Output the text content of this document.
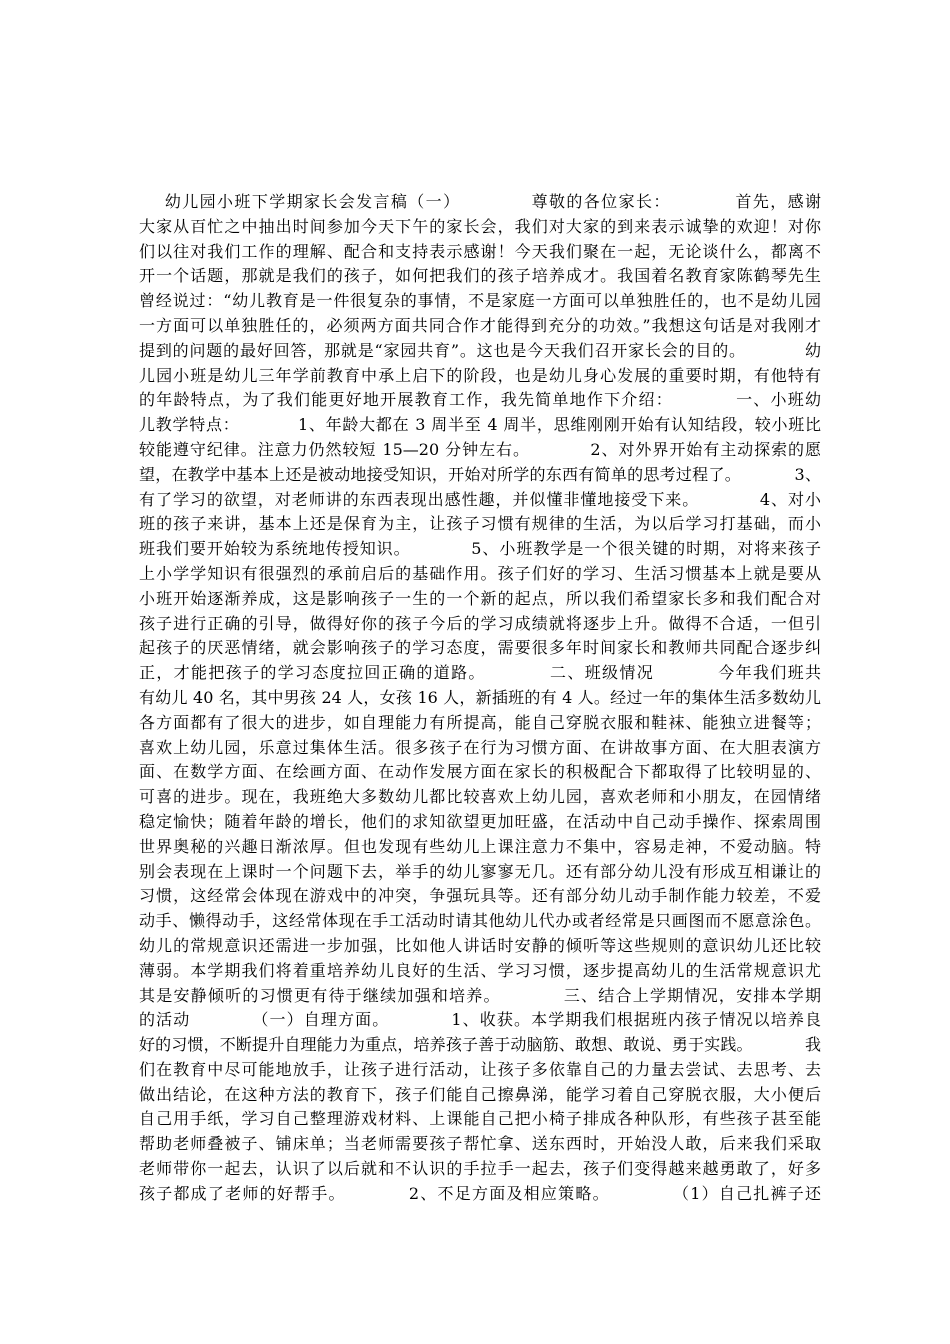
幼儿园小班下学期家长会发言稿（一）           尊敬的各位家长：          首先，感谢
大家从百忙之中抽出时间参加今天下午的家长会，我们对大家的到来表示诚挚的欢迎！对你
们以往对我们工作的理解、配合和支持表示感谢！今天我们聚在一起，无论谈什么，都离不
开一个话题，那就是我们的孩子，如何把我们的孩子培养成才。我国着名教育家陈鹤琴先生
曾经说过：“幼儿教育是一件很复杂的事情，不是家庭一方面可以单独胜任的，也不是幼儿园
一方面可以单独胜任的，必须两方面共同合作才能得到充分的功效。”我想这句话是对我刚才
提到的问题的最好回答，那就是“家园共育”。这也是今天我们召开家长会的目的。          幼
儿园小班是幼儿三年学前教育中承上启下的阶段，也是幼儿身心发展的重要时期，有他特有
的年龄特点，为了我们能更好地开展教育工作，我先简单地作下介绍：          一、小班幼
儿教学特点：          1、年龄大都在 3 周半至 4 周半，思维刚刚开始有认知结段，较小班比
较能遵守纪律。注意力仍然较短 15—20 分钟左右。          2、对外界开始有主动探索的愿
望，在教学中基本上还是被动地接受知识，开始对所学的东西有简单的思考过程了。          3、
有了学习的欲望，对老师讲的东西表现出感性趣，并似懂非懂地接受下来。          4、对小
班的孩子来讲，基本上还是保育为主，让孩子习惯有规律的生活，为以后学习打基础，而小
班我们要开始较为系统地传授知识。          5、小班教学是一个很关键的时期，对将来孩子
上小学学知识有很强烈的承前启后的基础作用。孩子们好的学习、生活习惯基本上就是要从
小班开始逐渐养成，这是影响孩子一生的一个新的起点，所以我们希望家长多和我们配合对
孩子进行正确的引导，做得好你的孩子今后的学习成绩就将逐步上升。做得不合适，一但引
起孩子的厌恶情绪，就会影响孩子的学习态度，需要很多年时间家长和教师共同配合逐步纠
正，才能把孩子的学习态度拉回正确的道路。          二、班级情况          今年我们班共
有幼儿 40 名，其中男孩 24 人，女孩 16 人，新插班的有 4 人。经过一年的集体生活多数幼儿
各方面都有了很大的进步，如自理能力有所提高，能自己穿脱衣服和鞋袜、能独立进餐等；
喜欢上幼儿园，乐意过集体生活。很多孩子在行为习惯方面、在讲故事方面、在大胆表演方
面、在数学方面、在绘画方面、在动作发展方面在家长的积极配合下都取得了比较明显的、
可喜的进步。现在，我班绝大多数幼儿都比较喜欢上幼儿园，喜欢老师和小朋友，在园情绪
稳定愉快；随着年龄的增长，他们的求知欲望更加旺盛，在活动中自己动手操作、探索周围
世界奥秘的兴趣日渐浓厚。但也发现有些幼儿上课注意力不集中，容易走神，不爱动脑。特
别会表现在上课时一个问题下去，举手的幼儿寥寥无几。还有部分幼儿没有形成互相谦让的
习惯，这经常会体现在游戏中的冲突，争强玩具等。还有部分幼儿动手制作能力较差，不爱
动手、懒得动手，这经常体现在手工活动时请其他幼儿代办或者经常是只画图而不愿意涂色。
幼儿的常规意识还需进一步加强，比如他人讲话时安静的倾听等这些规则的意识幼儿还比较
薄弱。本学期我们将着重培养幼儿良好的生活、学习习惯，逐步提高幼儿的生活常规意识尤
其是安静倾听的习惯更有待于继续加强和培养。          三、结合上学期情况，安排本学期
的活动          （一）自理方面。          1、收获。本学期我们根据班内孩子情况以培养良
好的习惯，不断提升自理能力为重点，培养孩子善于动脑筋、敢想、敢说、勇于实践。          我
们在教育中尽可能地放手，让孩子进行活动，让孩子多依靠自己的力量去尝试、去思考、去
做出结论，在这种方法的教育下，孩子们能自己擦鼻涕，能学习着自己穿脱衣服，大小便后
自己用手纸，学习自己整理游戏材料、上课能自己把小椅子排成各种队形，有些孩子甚至能
帮助老师叠被子、铺床单；当老师需要孩子帮忙拿、送东西时，开始没人敢，后来我们采取
老师带你一起去，认识了以后就和不认识的手拉手一起去，孩子们变得越来越勇敢了，好多
孩子都成了老师的好帮手。          2、不足方面及相应策略。          （1）自己扎裤子还
